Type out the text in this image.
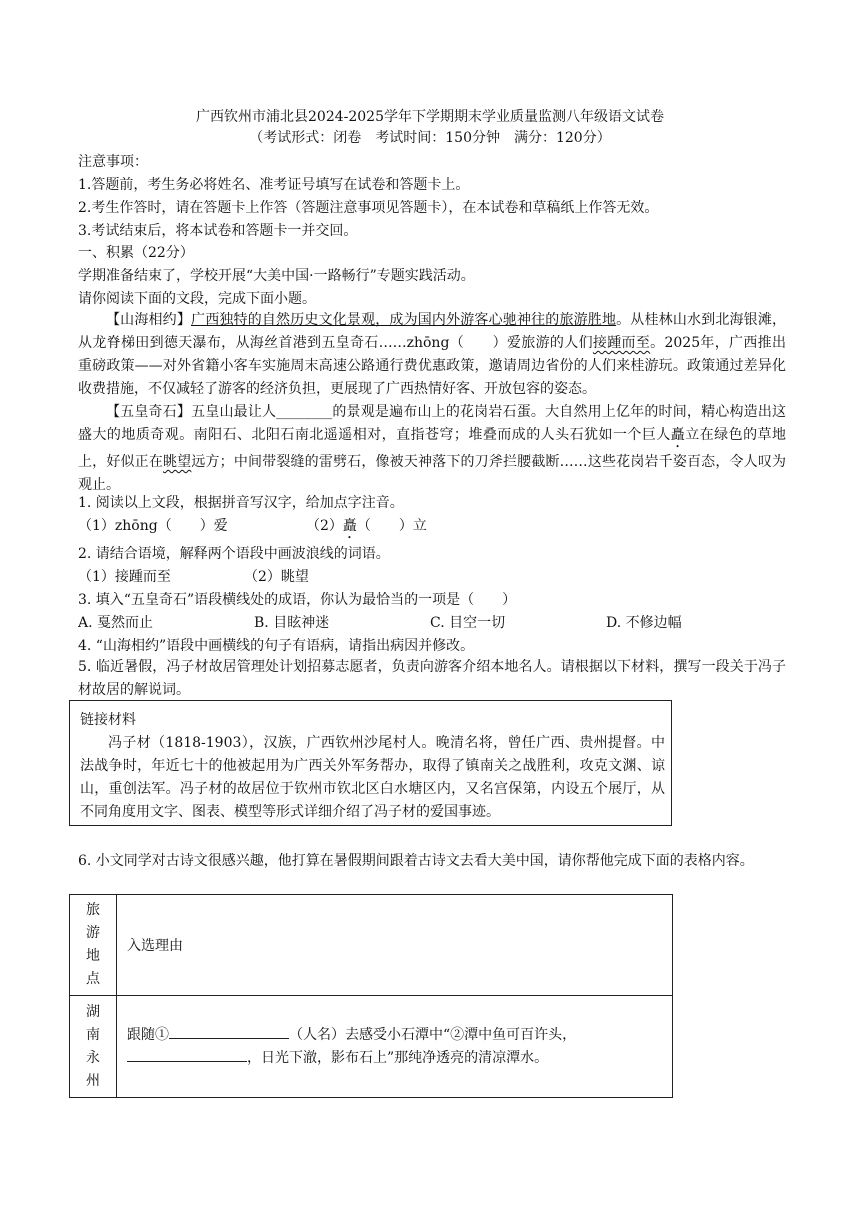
广西钦州市浦北县2024-2025学年下学期期末学业质量监测八年级语文试卷
（考试形式：闭卷　考试时间：150分钟　满分：120分）
注意事项：
1.答题前，考生务必将姓名、准考证号填写在试卷和答题卡上。
2.考生作答时，请在答题卡上作答（答题注意事项见答题卡），在本试卷和草稿纸上作答无效。
3.考试结束后，将本试卷和答题卡一并交回。
一、积累（22分）
学期准备结束了，学校开展“大美中国·一路畅行”专题实践活动。
请你阅读下面的文段，完成下面小题。
【山海相约】广西独特的自然历史文化景观，成为国内外游客心驰神往的旅游胜地。从桂林山水到北海银滩，从龙脊梯田到德天瀑布，从海丝首港到五皇奇石……zhōng（　　）爱旅游的人们接踵而至。2025年，广西推出重磅政策——对外省籍小客车实施周末高速公路通行费优惠政策，邀请周边省份的人们来桂游玩。政策通过差异化收费措施，不仅减轻了游客的经济负担，更展现了广西热情好客、开放包容的姿态。
【五皇奇石】五皇山最让人________的景观是遍布山上的花岗岩石蛋。大自然用上亿年的时间，精心构造出这盛大的地质奇观。南阳石、北阳石南北遥遥相对，直指苍穹；堆叠而成的人头石犹如一个巨人矗立在绿色的草地上，好似正在眺望远方；中间带裂缝的雷劈石，像被天神落下的刀斧拦腰截断……这些花岗岩千姿百态，令人叹为观止。
1. 阅读以上文段，根据拼音写汉字，给加点字注音。
（1）zhōng（　　）爱	（2）矗（　　）立
2. 请结合语境，解释两个语段中画波浪线的词语。
（1）接踵而至	（2）眺望
3. 填入“五皇奇石”语段横线处的成语，你认为最恰当的一项是（　　）
A. 戛然而止	B. 目眩神迷	C. 目空一切	D. 不修边幅
4. “山海相约”语段中画横线的句子有语病，请指出病因并修改。
5. 临近暑假，冯子材故居管理处计划招募志愿者，负责向游客介绍本地名人。请根据以下材料，撰写一段关于冯子材故居的解说词。
链接材料
冯子材（1818-1903），汉族，广西钦州沙尾村人。晚清名将，曾任广西、贵州提督。中法战争时，年近七十的他被起用为广西关外军务帮办，取得了镇南关之战胜利，攻克文渊、谅山，重创法军。冯子材的故居位于钦州市钦北区白水塘区内，又名宫保第，内设五个展厅，从不同角度用文字、图表、模型等形式详细介绍了冯子材的爱国事迹。
6. 小文同学对古诗文很感兴趣，他打算在暑假期间跟着古诗文去看大美中国，请你帮他完成下面的表格内容。
旅游地点	入选理由

湖南永州	跟随① （人名）去感受小石潭中“②潭中鱼可百许头，
，日光下澈，影布石上”那纯净透亮的清凉潭水。
